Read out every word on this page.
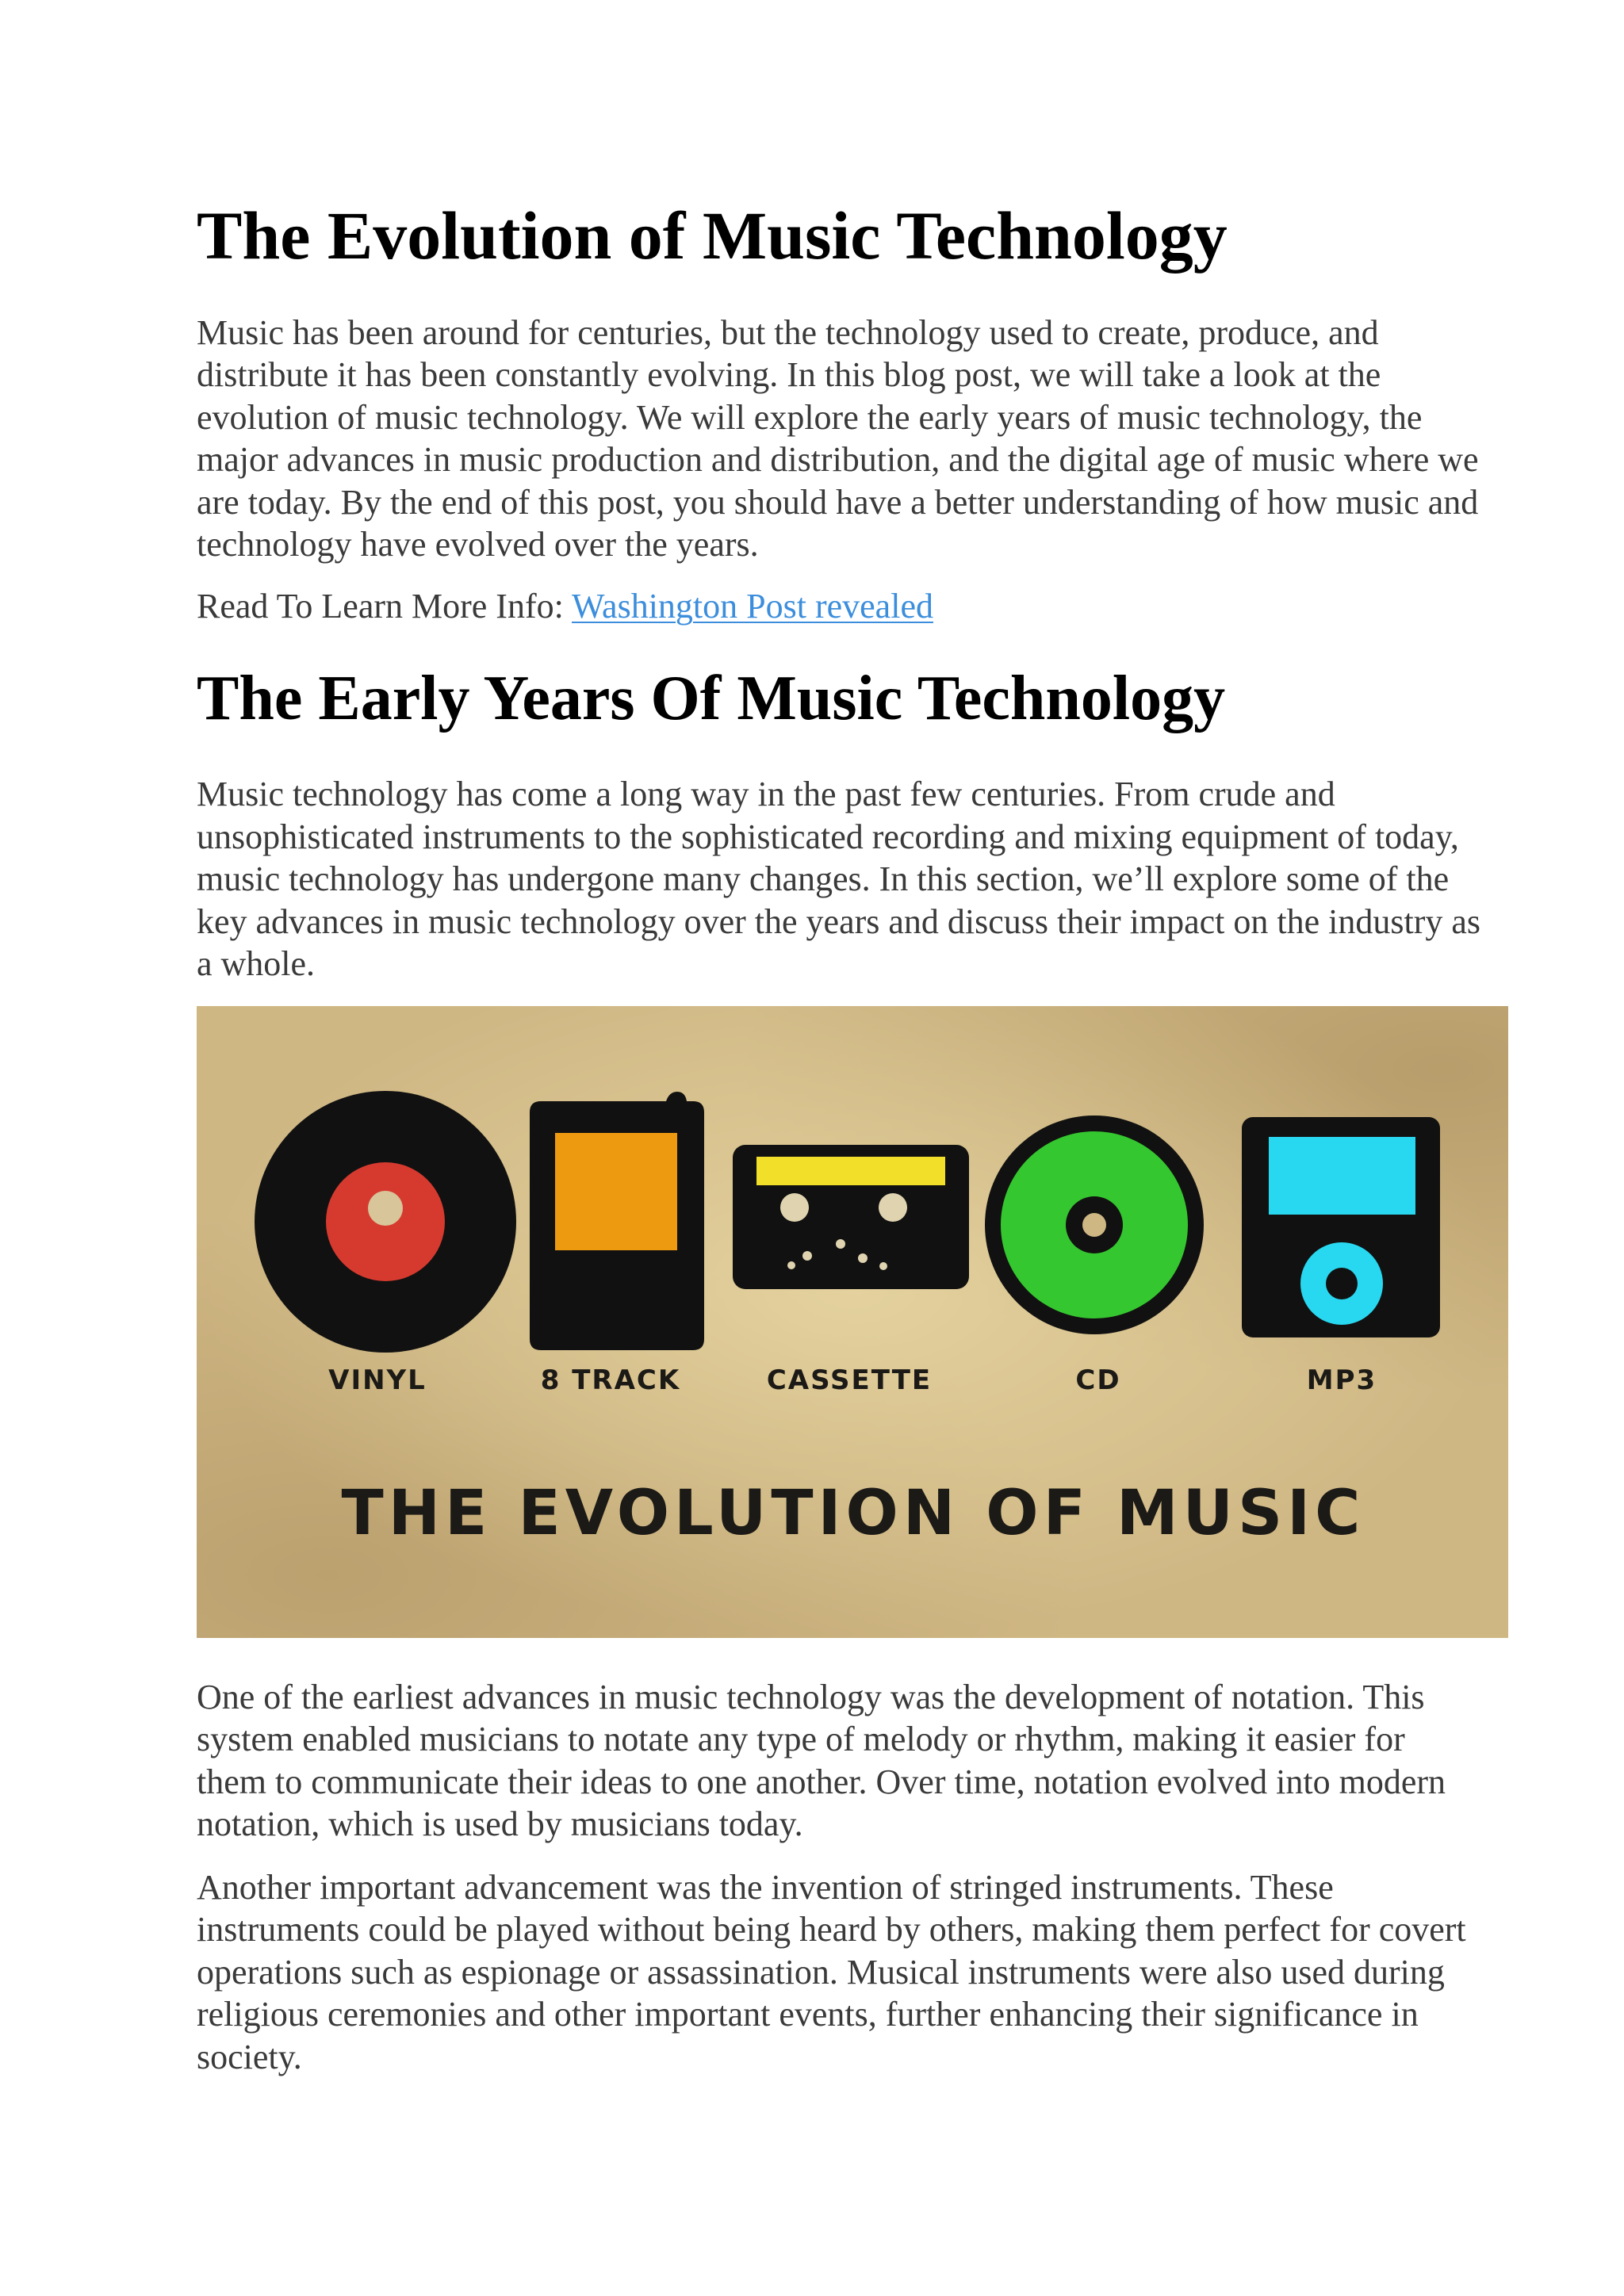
The Evolution of Music Technology

Music has been around for centuries, but the technology used to create, produce, and distribute it has been constantly evolving. In this blog post, we will take a look at the evolution of music technology. We will explore the early years of music technology, the major advances in music production and distribution, and the digital age of music where we are today. By the end of this post, you should have a better understanding of how music and technology have evolved over the years.

Read To Learn More Info: Washington Post revealed

The Early Years Of Music Technology

Music technology has come a long way in the past few centuries. From crude and unsophisticated instruments to the sophisticated recording and mixing equipment of today, music technology has undergone many changes. In this section, we’ll explore some of the key advances in music technology over the years and discuss their impact on the industry as a whole.

VINYL	8 TRACK	CASSETTE	CD	MP3
THE EVOLUTION OF MUSIC

One of the earliest advances in music technology was the development of notation. This system enabled musicians to notate any type of melody or rhythm, making it easier for them to communicate their ideas to one another. Over time, notation evolved into modern notation, which is used by musicians today.

Another important advancement was the invention of stringed instruments. These instruments could be played without being heard by others, making them perfect for covert operations such as espionage or assassination. Musical instruments were also used during religious ceremonies and other important events, further enhancing their significance in society.
